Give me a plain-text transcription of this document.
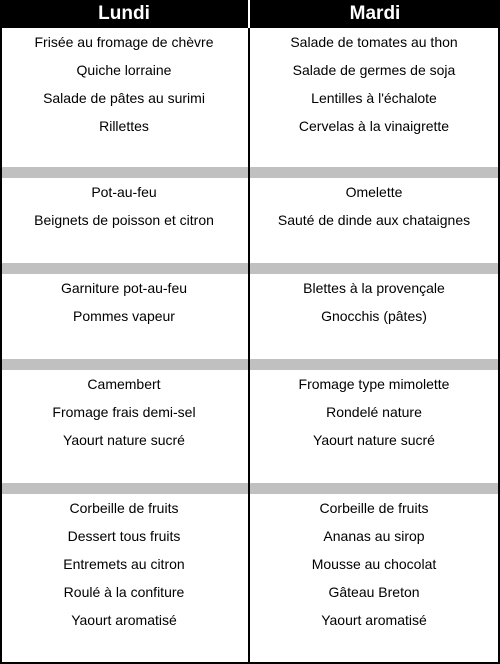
Lundi	Mardi
Frisée au fromage de chèvre
Quiche lorraine
Salade de pâtes au surimi
Rillettes
Salade de tomates au thon
Salade de germes de soja
Lentilles à l'échalote
Cervelas à la vinaigrette
Pot-au-feu
Beignets de poisson et citron
Omelette
Sauté de dinde aux chataignes
Garniture pot-au-feu
Pommes vapeur
Blettes à la provençale
Gnocchis (pâtes)
Camembert
Fromage frais demi-sel
Yaourt nature sucré
Fromage type mimolette
Rondelé nature
Yaourt nature sucré
Corbeille de fruits
Dessert tous fruits
Entremets au citron
Roulé à la confiture
Yaourt aromatisé
Corbeille de fruits
Ananas au sirop
Mousse au chocolat
Gâteau Breton
Yaourt aromatisé
